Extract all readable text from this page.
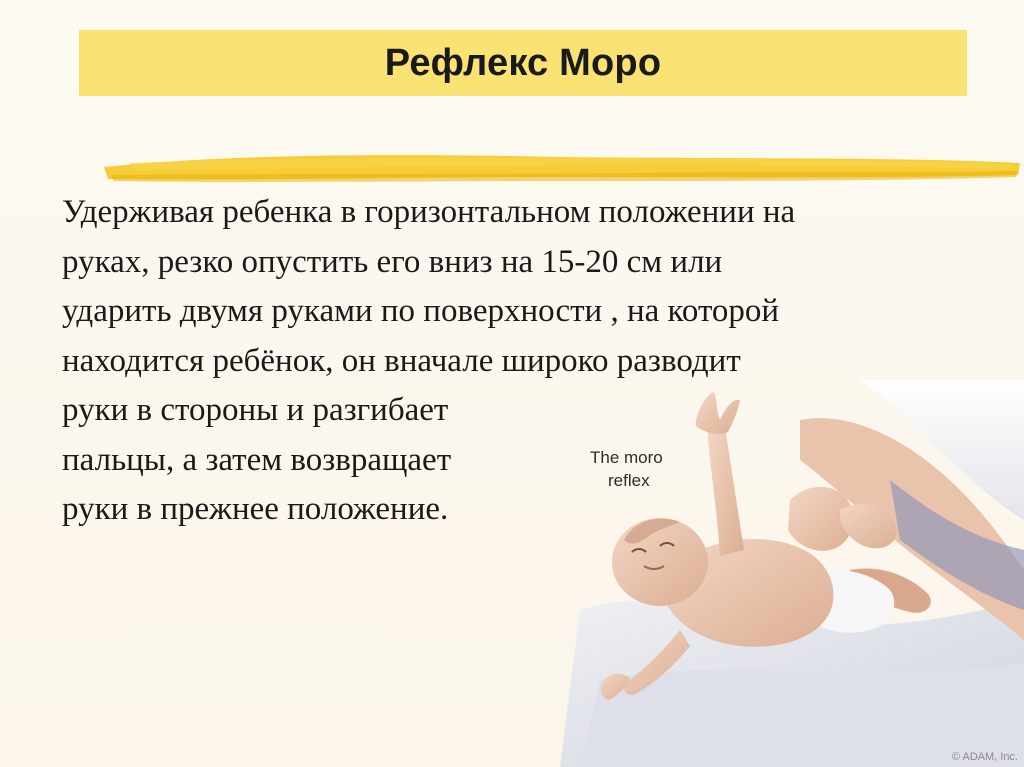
Рефлекс Моро

Удерживая ребенка в горизонтальном положении на
руках, резко опустить его вниз на 15-20 см или
ударить двумя руками по поверхности , на которой
находится ребёнок, он вначале широко разводит
руки в стороны и разгибает
пальцы, а затем возвращает
руки в прежнее положение.

The moro
reflex
© ADAM, Inc.
